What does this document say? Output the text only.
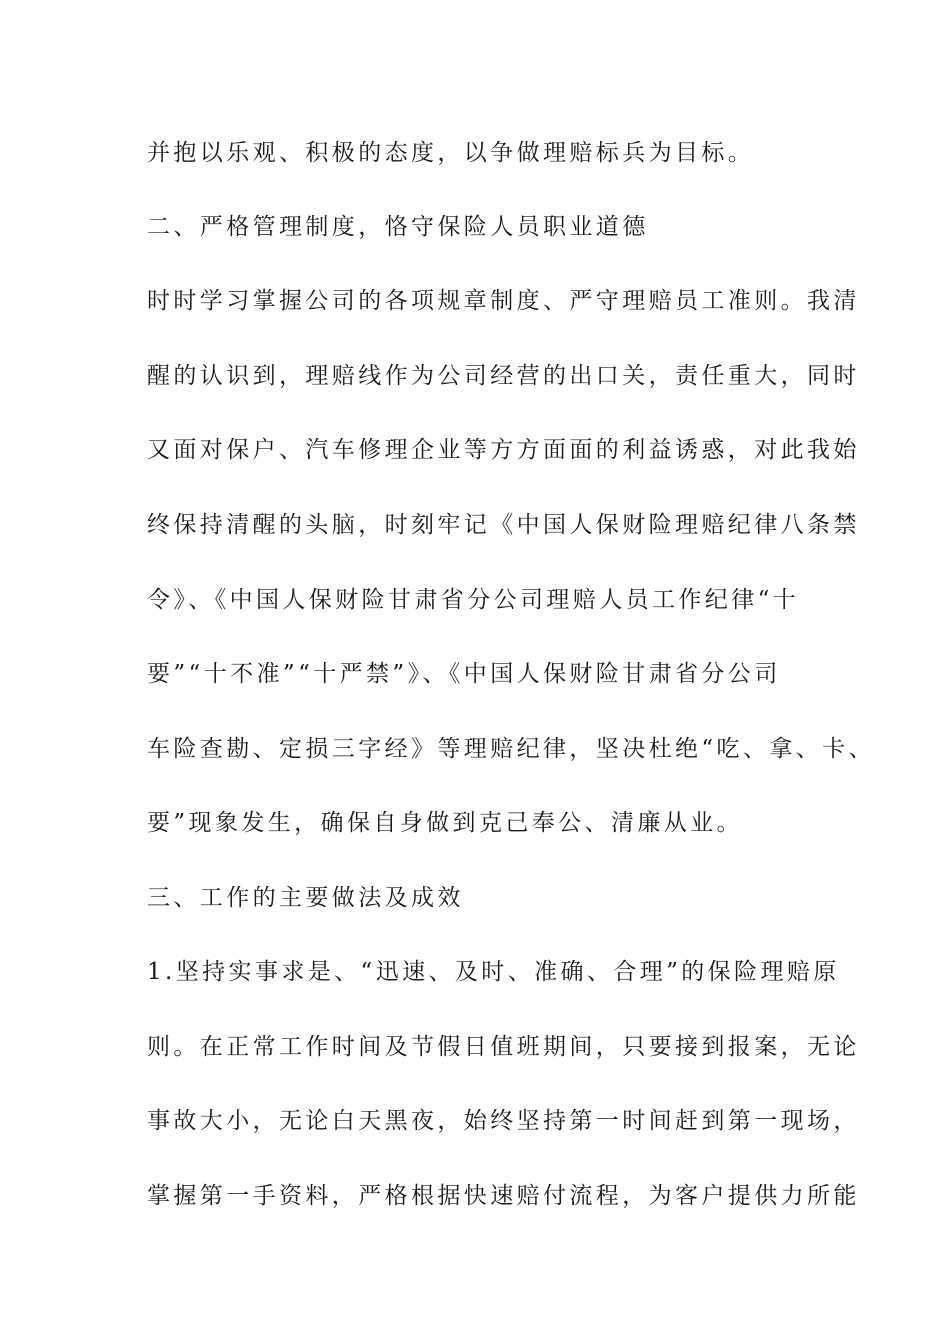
并抱以乐观、积极的态度，以争做理赔标兵为目标。
二、严格管理制度，恪守保险人员职业道德
时时学习掌握公司的各项规章制度、严守理赔员工准则。我清
醒的认识到，理赔线作为公司经营的出口关，责任重大，同时
又面对保户、汽车修理企业等方方面面的利益诱惑，对此我始
终保持清醒的头脑，时刻牢记《中国人保财险理赔纪律八条禁
令》、《中国人保财险甘肃省分公司理赔人员工作纪律“十
要”“十不准”“十严禁”》、《中国人保财险甘肃省分公司
车险查勘、定损三字经》等理赔纪律，坚决杜绝“吃、拿、卡、
要”现象发生，确保自身做到克己奉公、清廉从业。
三、工作的主要做法及成效
1.坚持实事求是、“迅速、及时、准确、合理”的保险理赔原
则。在正常工作时间及节假日值班期间，只要接到报案，无论
事故大小，无论白天黑夜，始终坚持第一时间赶到第一现场，
掌握第一手资料，严格根据快速赔付流程，为客户提供力所能
